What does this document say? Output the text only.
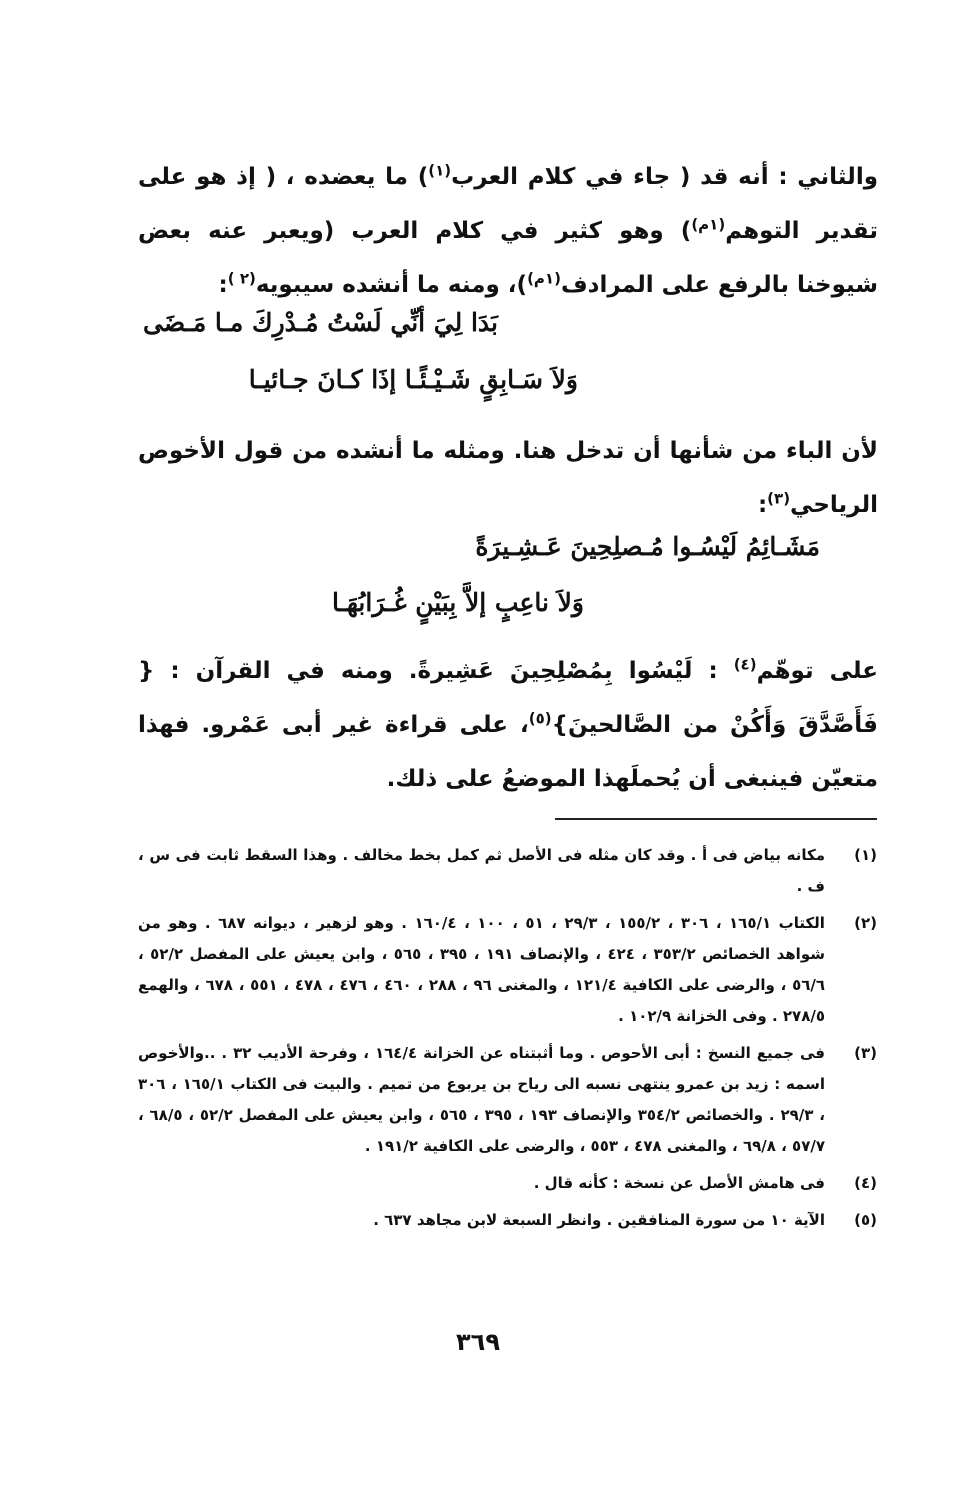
والثاني : أنه قد ( جاء في كلام العرب$^{(١)}$) ما يعضده ، ( إذ هو على تقدير التوهم$^{(١م)}$) وهو كثير في كلام العرب (ويعبر عنه بعض شيوخنا بالرفع على المرادف$^{(١م)}$)، ومنه ما أنشده سيبويه$^{(٢ )}$:

لأن الباء من شأنها أن تدخل هنا. ومثله ما أنشده من قول الأخوص الرياحي$^{(٣)}$:

على توهّم$^{(٤)}$ : لَيْسُوا بِمُصْلِحِينَ عَشِيرةً. ومنه في القرآن : { فَأَصَّدَّقَ وَأَكُنْ من الصَّالحينَ}$^{(٥)}$، على قراءة غير أبى عَمْرو. فهذا متعيّن فينبغى أن يُحملَهذا الموضعُ على ذلك.

بَدَا لِيَ أنِّي لَسْتُ مُـدْرِكَ مـا مَـضَى
وَلاَ سَـابِقٍ شَـيْـئًـا إذَا كـانَ جـائيـا
مَشَـائِمُ لَيْسُـوا مُـصلِحِينَ عَـشِـيرَةً
وَلاَ ناعِبٍ إلاَّ بِبَيْنٍ غُـرَابُهَـا
(١)
مكانه بياض فى أ . وقد كان مثله فى الأصل ثم كمل بخط مخالف . وهذا السقط ثابت فى س ، ف .
(٢)
الكتاب ١٦٥/١ ، ٣٠٦ ، ١٥٥/٢ ، ٢٩/٣ ، ٥١ ، ١٠٠ ، ١٦٠/٤ . وهو لزهير ، ديوانه ٦٨٧ . وهو من شواهد الخصائص ٣٥٣/٢ ، ٤٢٤ ، والإنصاف ١٩١ ، ٣٩٥ ، ٥٦٥ ، وابن يعيش على المفصل ٥٢/٢ ، ٥٦/٦ ، والرضى على الكافية ١٢١/٤ ، والمغنى ٩٦ ، ٢٨٨ ، ٤٦٠ ، ٤٧٦ ، ٤٧٨ ، ٥٥١ ، ٦٧٨ ، والهمع ٢٧٨/٥ . وفى الخزانة ١٠٢/٩ .
(٣)
فى جميع النسخ : أبى الأحوص . وما أثبتناه عن الخزانة ١٦٤/٤ ، وفرحة الأديب ٣٢ . ..والأخوص اسمه : زيد بن عمرو ينتهى نسبه الى رياح بن يربوع من تميم . والبيت فى الكتاب ١٦٥/١ ، ٣٠٦ ، ٢٩/٣ . والخصائص ٣٥٤/٢ والإنصاف ١٩٣ ، ٣٩٥ ، ٥٦٥ ، وابن يعيش على المفصل ٥٢/٢ ، ٦٨/٥ ، ٥٧/٧ ، ٦٩/٨ ، والمغنى ٤٧٨ ، ٥٥٣ ، والرضى على الكافية ١٩١/٢ .
(٤)
فى هامش الأصل عن نسخة : كأنه قال .
(٥)
الآية ١٠ من سورة المنافقين . وانظر السبعة لابن مجاهد ٦٣٧ .
٣٦٩
